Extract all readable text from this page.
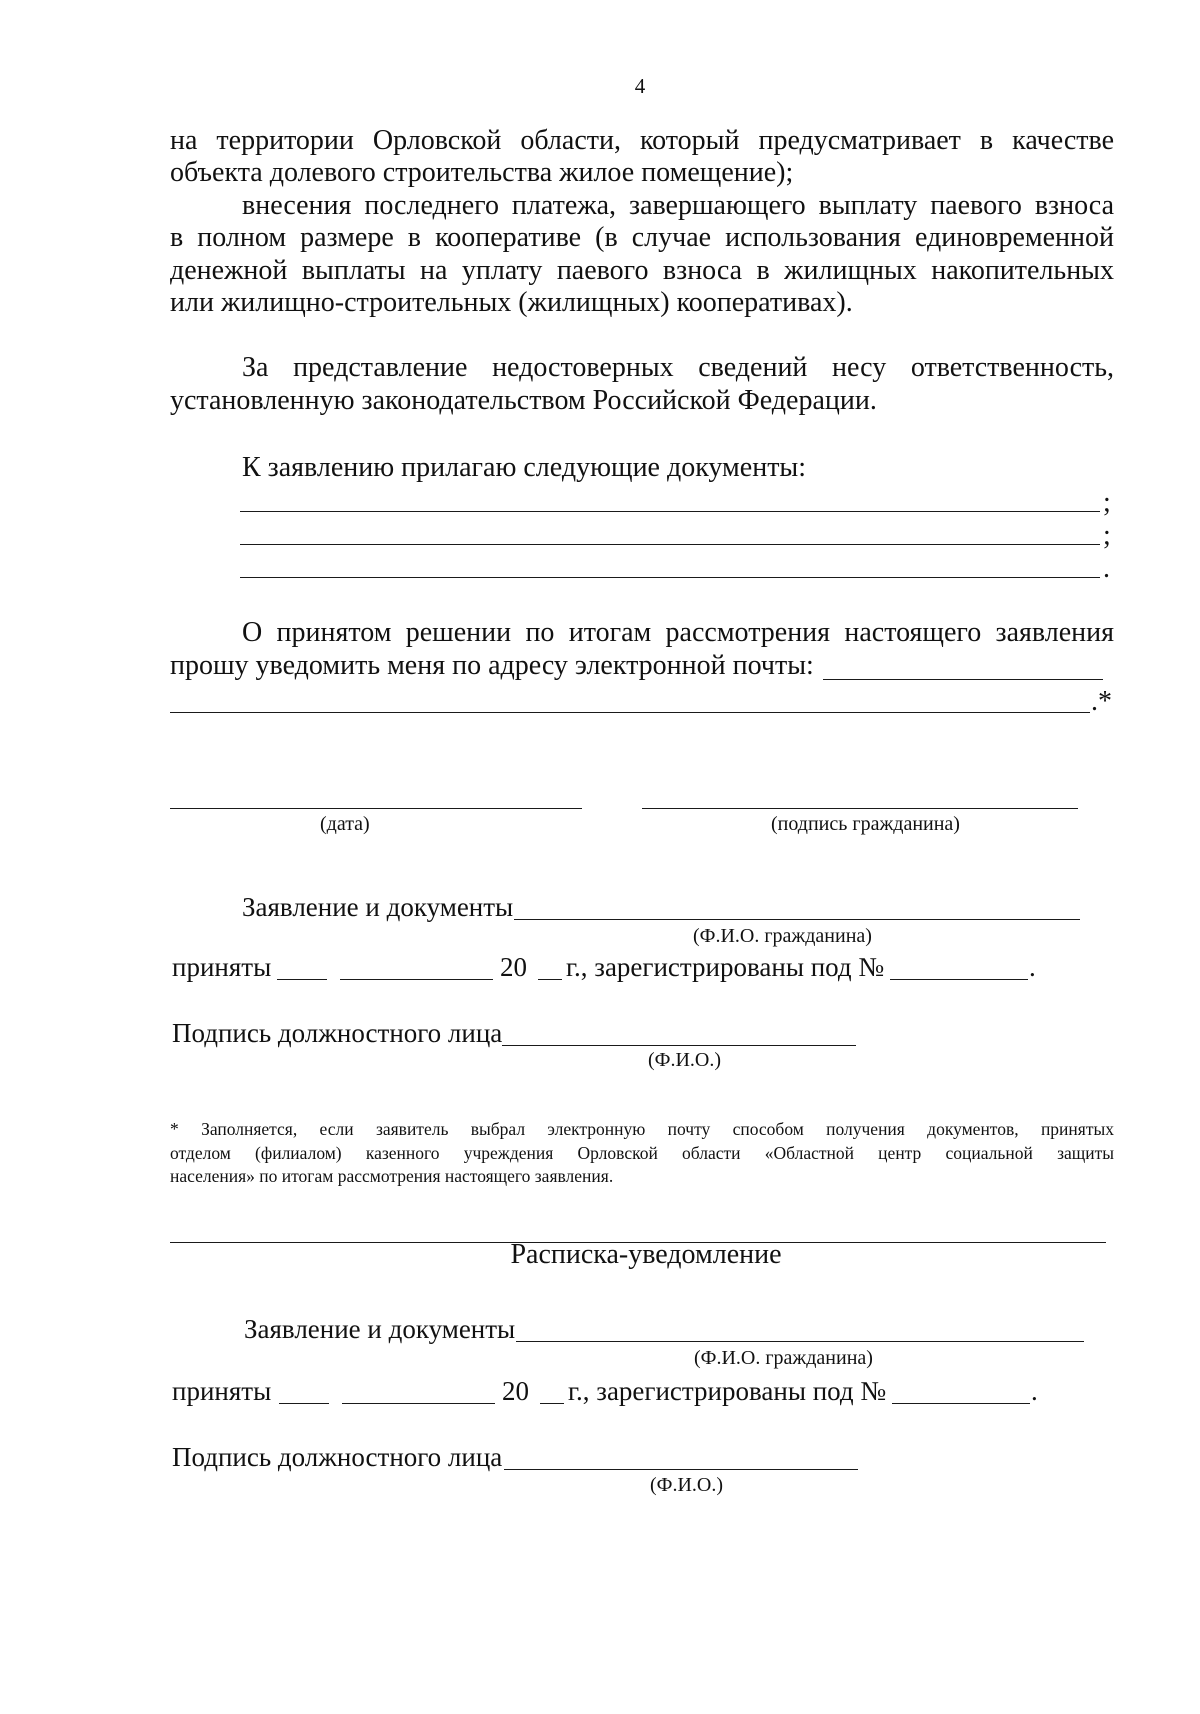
4
на территории Орловской области, который предусматривает в качестве
объекта долевого строительства жилое помещение);
внесения последнего платежа, завершающего выплату паевого взноса
в полном размере в кооперативе (в случае использования единовременной
денежной выплаты на уплату паевого взноса в жилищных накопительных
или жилищно-строительных (жилищных) кооперативах).
За представление недостоверных сведений несу ответственность,
установленную законодательством Российской Федерации.
К заявлению прилагаю следующие документы:
;
;
.
О принятом решении по итогам рассмотрения настоящего заявления
прошу уведомить меня по адресу электронной почты:
.*
(дата)	(подпись гражданина)
Заявление и документы
(Ф.И.О. гражданина)
приняты	20 г., зарегистрированы под №	.
Подпись должностного лица
(Ф.И.О.)
* Заполняется, если заявитель выбрал электронную почту способом получения документов, принятых
отделом (филиалом) казенного учреждения Орловской области «Областной центр социальной защиты
населения» по итогам рассмотрения настоящего заявления.
Расписка-уведомление
Заявление и документы
(Ф.И.О. гражданина)
приняты	20 г., зарегистрированы под №	.
Подпись должностного лица
(Ф.И.О.)
